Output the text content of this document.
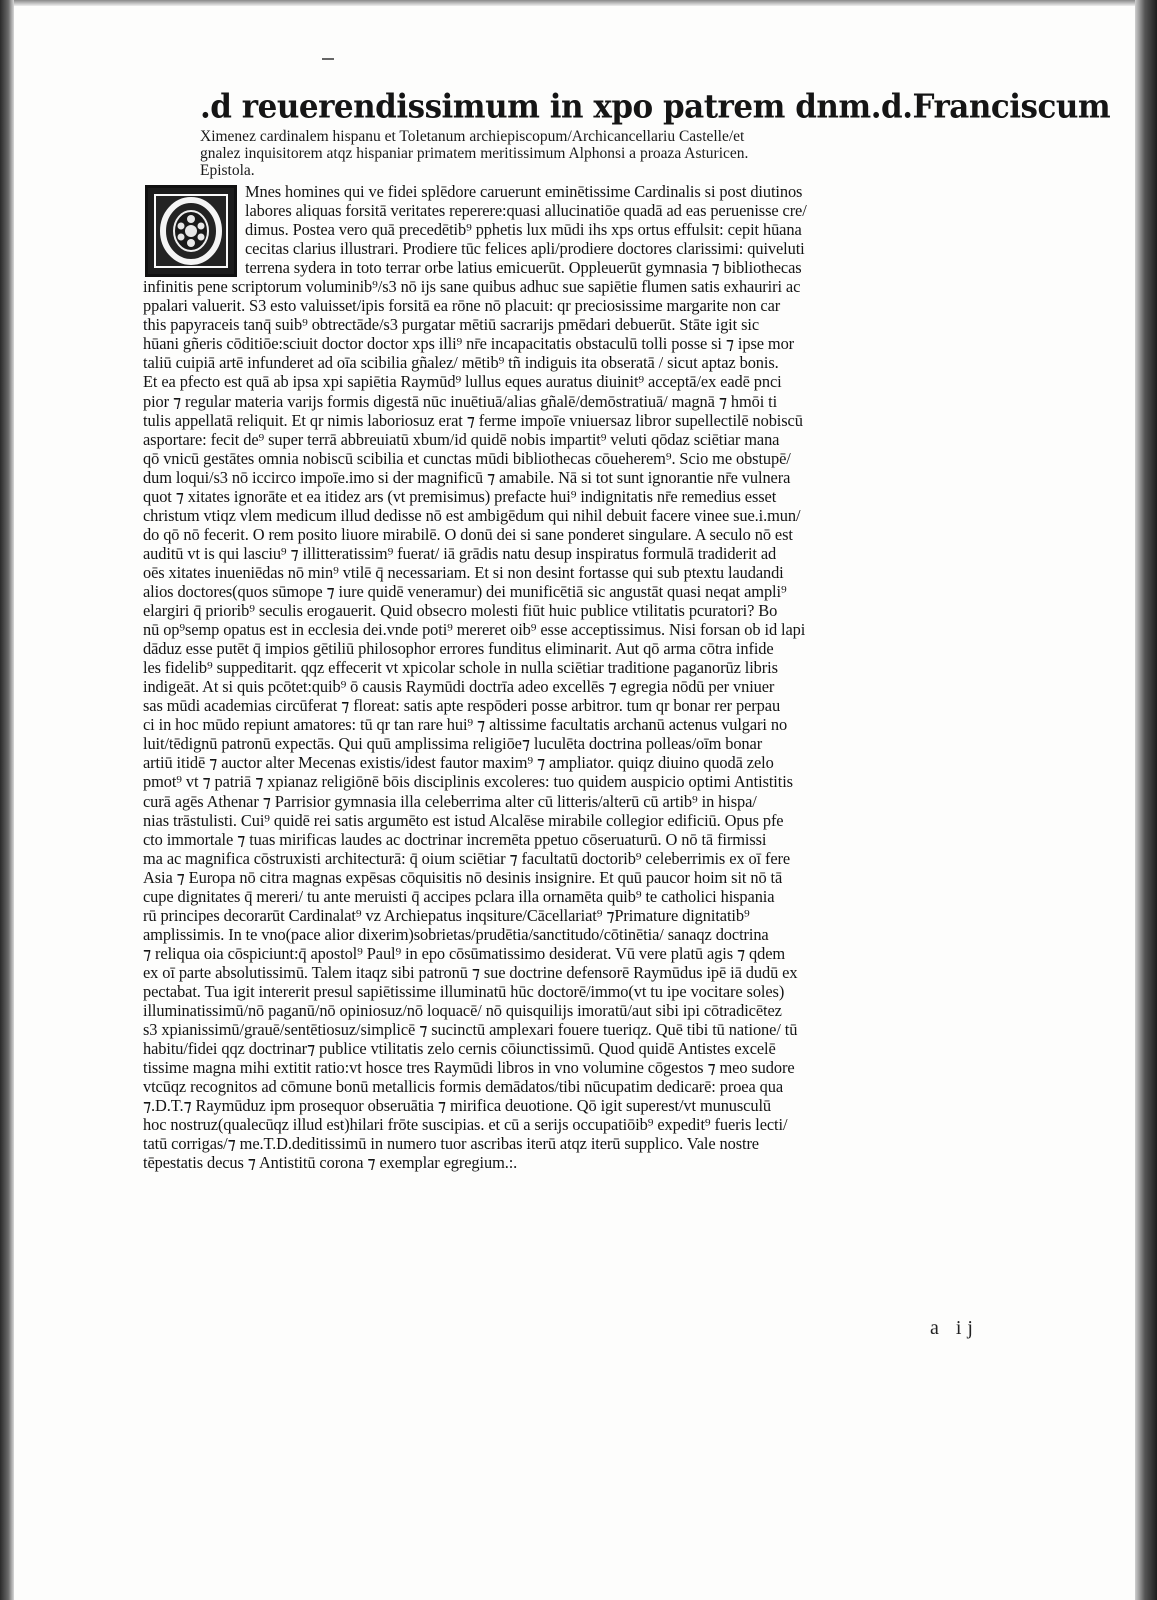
.d reuerendissimum in xpo patrem dnm.d.Franciscum
Ximenez cardinalem hispanu et Toletanum archiepiscopum/Archicancellariu Castelle/et
gnalez inquisitorem atqz hispaniar primatem meritissimum Alphonsi a proaza Asturicen.
Epistola.
Mnes homines qui ve fidei splēdore caruerunt eminētissime Cardinalis si post diutinos
labores aliquas forsitā veritates reperere:quasi allucinatiōe quadā ad eas peruenisse cre/
dimus. Postea vero quā precedētib⁹ pphetis lux mūdi ihs xps ortus effulsit: cepit hūana
cecitas clarius illustrari. Prodiere tūc felices apli/prodiere doctores clarissimi: quiveluti
terrena sydera in toto terrar orbe latius emicuerūt. Oppleuerūt gymnasia ⁊ bibliothecas
infinitis pene scriptorum voluminib⁹/s3 nō ijs sane quibus adhuc sue sapiētie flumen satis exhauriri ac
ppalari valuerit. S3 esto valuisset/ipis forsitā ea rōne nō placuit: qr preciosissime margarite non car
this papyraceis tanq̄ suib⁹ obtrectāde/s3 purgatar mētiū sacrarijs pmēdari debuerūt. Stāte igit sic
hūani gñeris cōditiōe:sciuit doctor doctor xps illi⁹ nr̄e incapacitatis obstaculū tolli posse si ⁊ ipse mor
taliū cuipiā artē infunderet ad oīa scibilia gñalez/ mētib⁹ tñ indiguis ita obseratā / sicut aptaz bonis.
Et ea pfecto est quā ab ipsa xpi sapiētia Raymūd⁹ lullus eques auratus diuinit⁹ acceptā/ex eadē pnci
pior ⁊ regular materia varijs formis digestā nūc inuētiuā/alias gñalē/demōstratiuā/ magnā ⁊ hmōi ti
tulis appellatā reliquit. Et qr nimis laboriosuz erat ⁊ ferme impoīe vniuersaz libror supellectilē nobiscū
asportare: fecit de⁹ super terrā abbreuiatū xbum/id quidē nobis impartit⁹ veluti qōdaz sciētiar mana
qō vnicū gestātes omnia nobiscū scibilia et cunctas mūdi bibliothecas cōueherem⁹. Scio me obstupē/
dum loqui/s3 nō iccirco impoīe.imo si der magnificū ⁊ amabile. Nā si tot sunt ignorantie nr̄e vulnera
quot ⁊ xitates ignorāte et ea itidez ars (vt premisimus) prefacte hui⁹ indignitatis nr̄e remedius esset
christum vtiqz vlem medicum illud dedisse nō est ambigēdum qui nihil debuit facere vinee sue.i.mun/
do qō nō fecerit. O rem posito liuore mirabilē. O donū dei si sane ponderet singulare. A seculo nō est
auditū vt is qui lasciu⁹ ⁊ illitteratissim⁹ fuerat/ iā grādis natu desup inspiratus formulā tradiderit ad
oēs xitates inueniēdas nō min⁹ vtilē q̄ necessariam. Et si non desint fortasse qui sub ptextu laudandi
alios doctores(quos sūmope ⁊ iure quidē veneramur) dei munificētiā sic angustāt quasi neqat ampli⁹
elargiri q̄ priorib⁹ seculis erogauerit. Quid obsecro molesti fiūt huic publice vtilitatis pcuratori? Bo
nū op⁹semp opatus est in ecclesia dei.vnde poti⁹ mereret oib⁹ esse acceptissimus. Nisi forsan ob id lapi
dāduz esse putēt q̄ impios gētiliū philosophor errores funditus eliminarit. Aut qō arma cōtra infide
les fidelib⁹ suppeditarit. qqz effecerit vt xpicolar schole in nulla sciētiar traditione paganorūz libris
indigeāt. At si quis pcōtet:quib⁹ ō causis Raymūdi doctrīa adeo excellēs ⁊ egregia nōdū per vniuer
sas mūdi academias circūferat ⁊ floreat: satis apte respōderi posse arbitror. tum qr bonar rer perpau
ci in hoc mūdo repiunt amatores: tū qr tan rare hui⁹ ⁊ altissime facultatis archanū actenus vulgari no
luit/tēdignū patronū expectās. Qui quū amplissima religiōe⁊ luculēta doctrina polleas/oīm bonar
artiū itidē ⁊ auctor alter Mecenas existis/idest fautor maxim⁹ ⁊ ampliator. quiqz diuino quodā zelo
pmot⁹ vt ⁊ patriā ⁊ xpianaz religiōnē bōis disciplinis excoleres: tuo quidem auspicio optimi Antistitis
curā agēs Athenar ⁊ Parrisior gymnasia illa celeberrima alter cū litteris/alterū cū artib⁹ in hispa/
nias trāstulisti. Cui⁹ quidē rei satis argumēto est istud Alcalēse mirabile collegior edificiū. Opus pfe
cto immortale ⁊ tuas mirificas laudes ac doctrinar incremēta ppetuo cōseruaturū. O nō tā firmissi
ma ac magnifica cōstruxisti architecturā: q̄ oium sciētiar ⁊ facultatū doctorib⁹ celeberrimis ex oī fere
Asia ⁊ Europa nō citra magnas expēsas cōquisitis nō desinis insignire. Et quū paucor hoim sit nō tā
cupe dignitates q̄ mereri/ tu ante meruisti q̄ accipes pclara illa ornamēta quib⁹ te catholici hispania
rū principes decorarūt Cardinalat⁹ vz Archiepatus inqsiture/Cācellariat⁹ ⁊Primature dignitatib⁹
amplissimis. In te vno(pace alior dixerim)sobrietas/prudētia/sanctitudo/cōtinētia/ sanaqz doctrina
⁊ reliqua oia cōspiciunt:q̄ apostol⁹ Paul⁹ in epo cōsūmatissimo desiderat. Vū vere platū agis ⁊ qdem
ex oī parte absolutissimū. Talem itaqz sibi patronū ⁊ sue doctrine defensorē Raymūdus ipē iā dudū ex
pectabat. Tua igit intererit presul sapiētissime illuminatū hūc doctorē/immo(vt tu ipe vocitare soles)
illuminatissimū/nō paganū/nō opiniosuz/nō loquacē/ nō quisquilijs imoratū/aut sibi ipi cōtradicētez
s3 xpianissimū/grauē/sentētiosuz/simplicē ⁊ sucinctū amplexari fouere tueriqz. Quē tibi tū natione/ tū
habitu/fidei qqz doctrinar⁊ publice vtilitatis zelo cernis cōiunctissimū. Quod quidē Antistes excelē
tissime magna mihi extitit ratio:vt hosce tres Raymūdi libros in vno volumine cōgestos ⁊ meo sudore
vtcūqz recognitos ad cōmune bonū metallicis formis demādatos/tibi nūcupatim dedicarē: proea qua
⁊.D.T.⁊ Raymūduz ipm prosequor obseruātia ⁊ mirifica deuotione. Qō igit superest/vt munusculū
hoc nostruz(qualecūqz illud est)hilari frōte suscipias. et cū a serijs occupatiōib⁹ expedit⁹ fueris lecti/
tatū corrigas/⁊ me.T.D.deditissimū in numero tuor ascribas iterū atqz iterū supplico. Vale nostre
tēpestatis decus ⁊ Antistitū corona ⁊ exemplar egregium.:.
a ij
